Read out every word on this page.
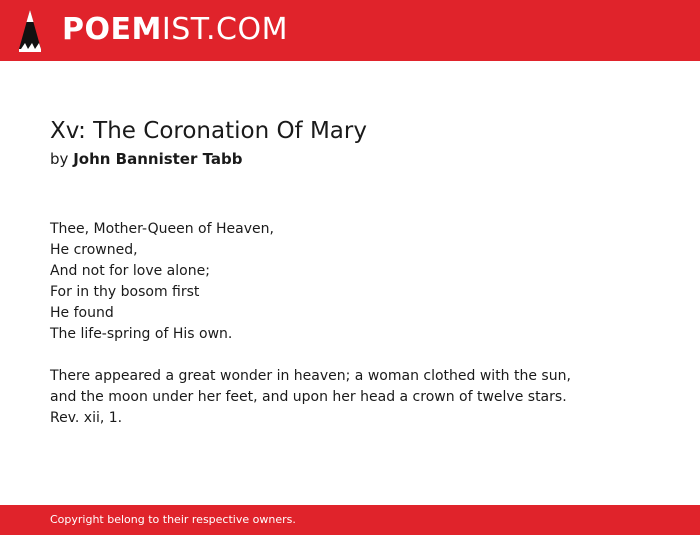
POEMIST.COM
Xv: The Coronation Of Mary
by John Bannister Tabb
Thee, Mother-Queen of Heaven,
He crowned,
And not for love alone;
For in thy bosom first
He found
The life-spring of His own.
There appeared a great wonder in heaven; a woman clothed with the sun,
and the moon under her feet, and upon her head a crown of twelve stars.
Rev. xii, 1.
Copyright belong to their respective owners.
